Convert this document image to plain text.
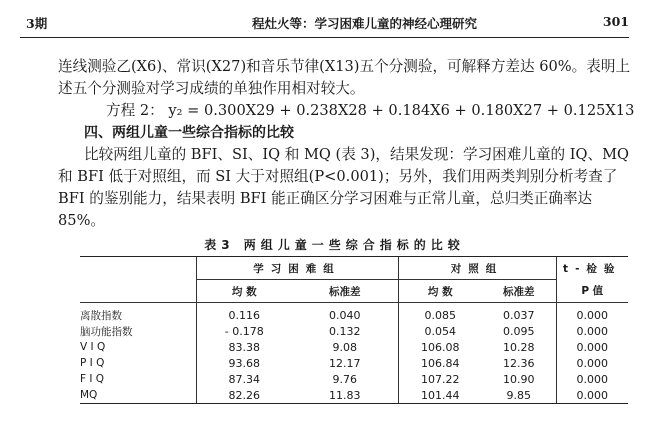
3期	程灶火等：学习困难儿童的神经心理研究	301
连线测验乙(X6)、常识(X27)和音乐节律(X13)五个分测验，可解释方差达 60%。表明上
述五个分测验对学习成绩的单独作用相对较大。
方程 2： y₂ = 0.300X29 + 0.238X28 + 0.184X6 + 0.180X27 + 0.125X13
四、两组儿童一些综合指标的比较
比较两组儿童的 BFI、SI、IQ 和 MQ (表 3)，结果发现：学习困难儿童的 IQ、MQ
和 BFI 低于对照组，而 SI 大于对照组(P<0.001)；另外，我们用两类判别分析考查了
BFI 的鉴别能力，结果表明 BFI 能正确区分学习困难与正常儿童，总归类正确率达
85%。
表3 两组儿童一些综合指标的比较
	学习困难组		对照组		t-检验
	均 数	标准差	均 数	标准差	P 值
离散指数	0.116	0.040	0.085	0.037	0.000
脑功能指数	- 0.178	0.132	0.054	0.095	0.000
V I Q	83.38	9.08	106.08	10.28	0.000
P I Q	93.68	12.17	106.84	12.36	0.000
F I Q	87.34	9.76	107.22	10.90	0.000
MQ	82.26	11.83	101.44	9.85	0.000
